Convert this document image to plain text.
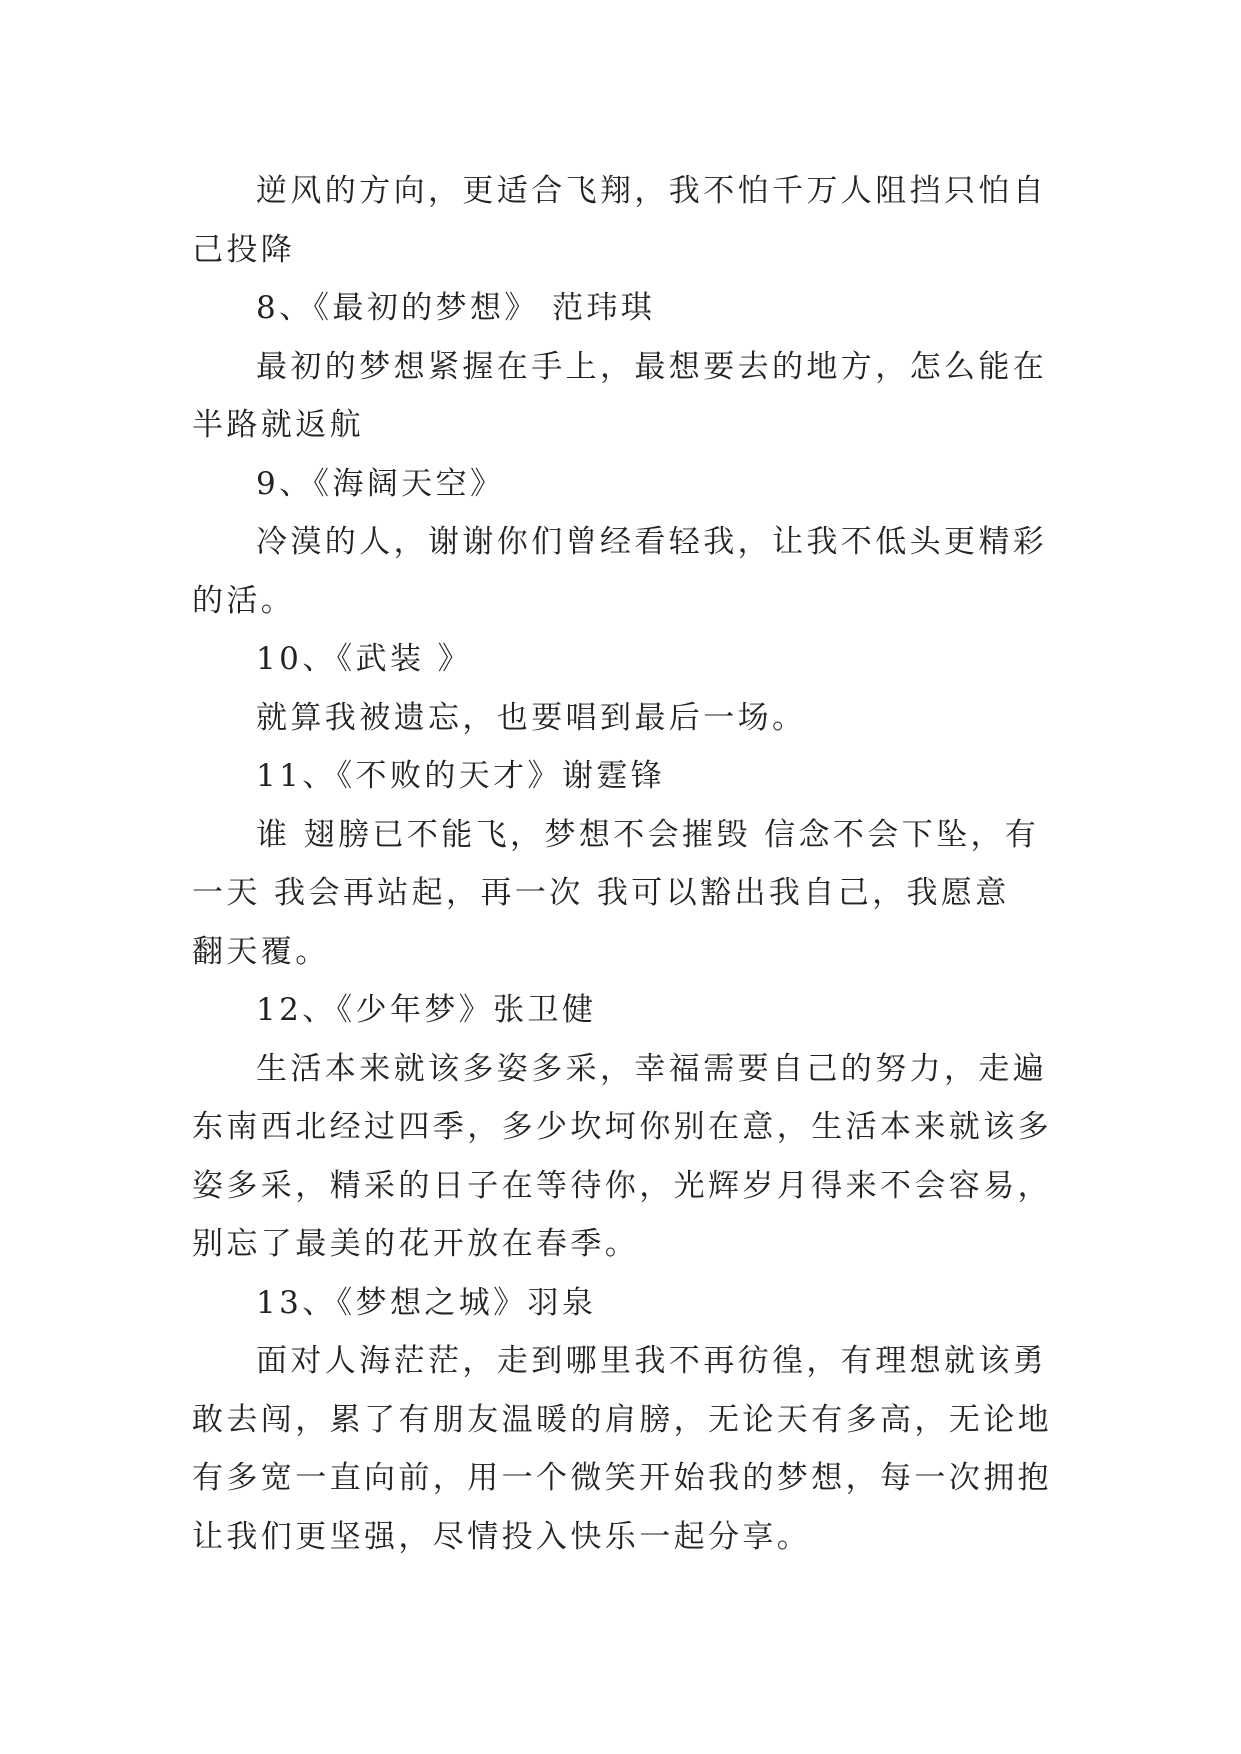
逆风的方向，更适合飞翔，我不怕千万人阻挡只怕自己投降

8、《最初的梦想》 范玮琪

最初的梦想紧握在手上，最想要去的地方，怎么能在半路就返航

9、《海阔天空》

冷漠的人，谢谢你们曾经看轻我，让我不低头更精彩的活。

10、《武装 》

就算我被遗忘，也要唱到最后一场。

11、《不败的天才》谢霆锋

谁 翅膀已不能飞，梦想不会摧毁 信念不会下坠，有一天 我会再站起，再一次 我可以豁出我自己，我愿意 翻天覆。

12、《少年梦》张卫健

生活本来就该多姿多采，幸福需要自己的努力，走遍东南西北经过四季，多少坎坷你别在意，生活本来就该多姿多采，精采的日子在等待你，光辉岁月得来不会容易，别忘了最美的花开放在春季。

13、《梦想之城》羽泉

面对人海茫茫，走到哪里我不再彷徨，有理想就该勇敢去闯，累了有朋友温暖的肩膀，无论天有多高，无论地有多宽一直向前，用一个微笑开始我的梦想，每一次拥抱让我们更坚强，尽情投入快乐一起分享。
